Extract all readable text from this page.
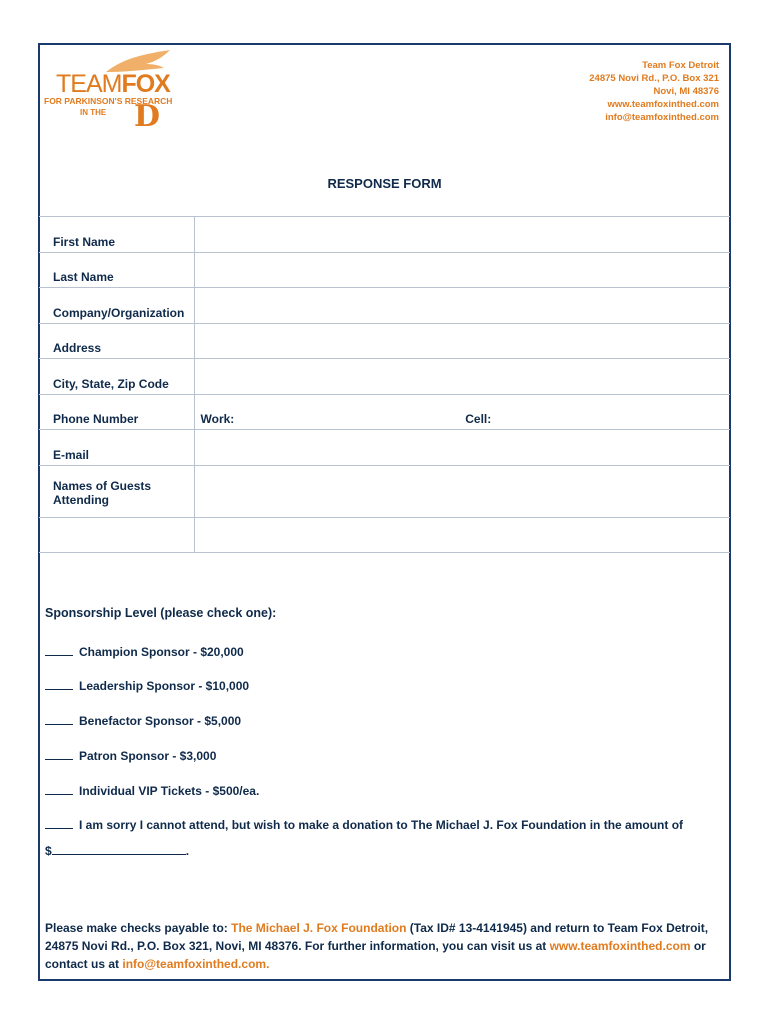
TEAMFOX
FOR PARKINSON'S RESEARCH
IN THE D
Team Fox Detroit
24875 Novi Rd., P.O. Box 321
Novi, MI 48376
www.teamfoxinthed.com
info@teamfoxinthed.com
RESPONSE FORM
First Name	
Last Name	
Company/Organization	
Address	
City, State, Zip Code	
Phone Number	Work: Cell:

E-mail	

Names of Guests
Attending	

Sponsorship Level (please check one):
Champion Sponsor - $20,000
Leadership Sponsor - $10,000
Benefactor Sponsor - $5,000
Patron Sponsor - $3,000
Individual VIP Tickets - $500/ea.
I am sorry I cannot attend, but wish to make a donation to The Michael J. Fox Foundation in the amount of
$	.
Please make checks payable to: The Michael J. Fox Foundation (Tax ID# 13-4141945) and return to Team Fox Detroit, 24875 Novi Rd., P.O. Box 321, Novi, MI 48376. For further information, you can visit us at www.teamfoxinthed.com or contact us at info@teamfoxinthed.com.
